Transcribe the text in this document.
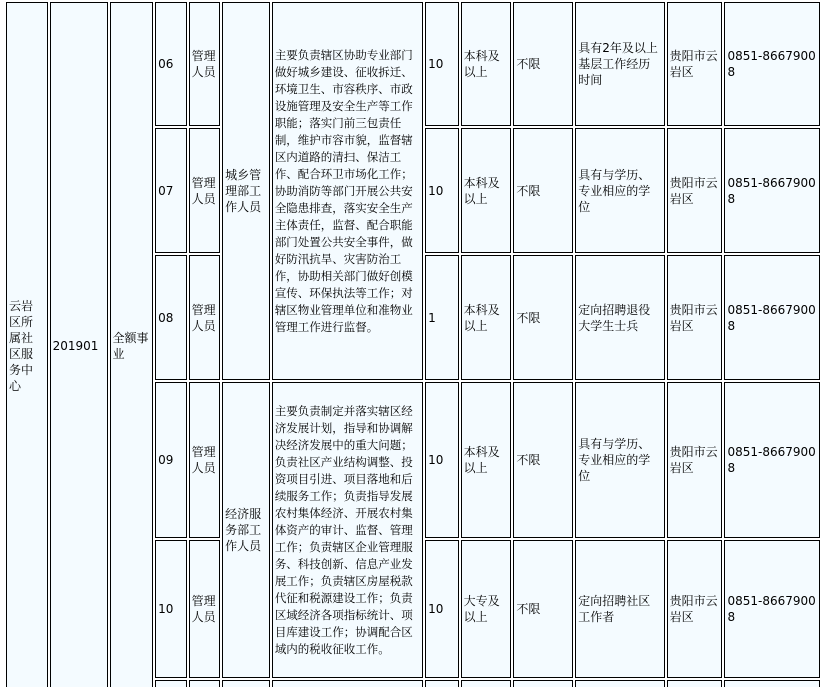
云岩区所属社区服务中心	201901	全额事业	06	管理人员	城乡管理部工作人员	主要负责辖区协助专业部门做好城乡建设、征收拆迁、环境卫生、市容秩序、市政设施管理及安全生产等工作职能；落实门前三包责任制，维护市容市貌，监督辖区内道路的清扫、保洁工作、配合环卫市场化工作；协助消防等部门开展公共安全隐患排查，落实安全生产主体责任，监督、配合职能部门处置公共安全事件，做好防汛抗旱、灾害防治工作，协助相关部门做好创模宣传、环保执法等工作；对辖区物业管理单位和准物业管理工作进行监督。	10	本科及以上	不限	具有2年及以上基层工作经历时间	贵阳市云岩区	0851-86679008
			07	管理人员			10	本科及以上	不限	具有与学历、专业相应的学位	贵阳市云岩区	0851-86679008
			08	管理人员			1	本科及以上	不限	定向招聘退役大学生士兵	贵阳市云岩区	0851-86679008
			09	管理人员	经济服务部工作人员	主要负责制定并落实辖区经济发展计划，指导和协调解决经济发展中的重大问题；负责社区产业结构调整、投资项目引进、项目落地和后续服务工作；负责指导发展农村集体经济、开展农村集体资产的审计、监督、管理工作；负责辖区企业管理服务、科技创新、信息产业发展工作；负责辖区房屋税款代征和税源建设工作；负责区域经济各项指标统计、项目库建设工作；协调配合区域内的税收征收工作。	10	本科及以上	不限	具有与学历、专业相应的学位	贵阳市云岩区	0851-86679008
			10	管理人员			10	大专及以上	不限	定向招聘社区工作者	贵阳市云岩区	0851-86679008
